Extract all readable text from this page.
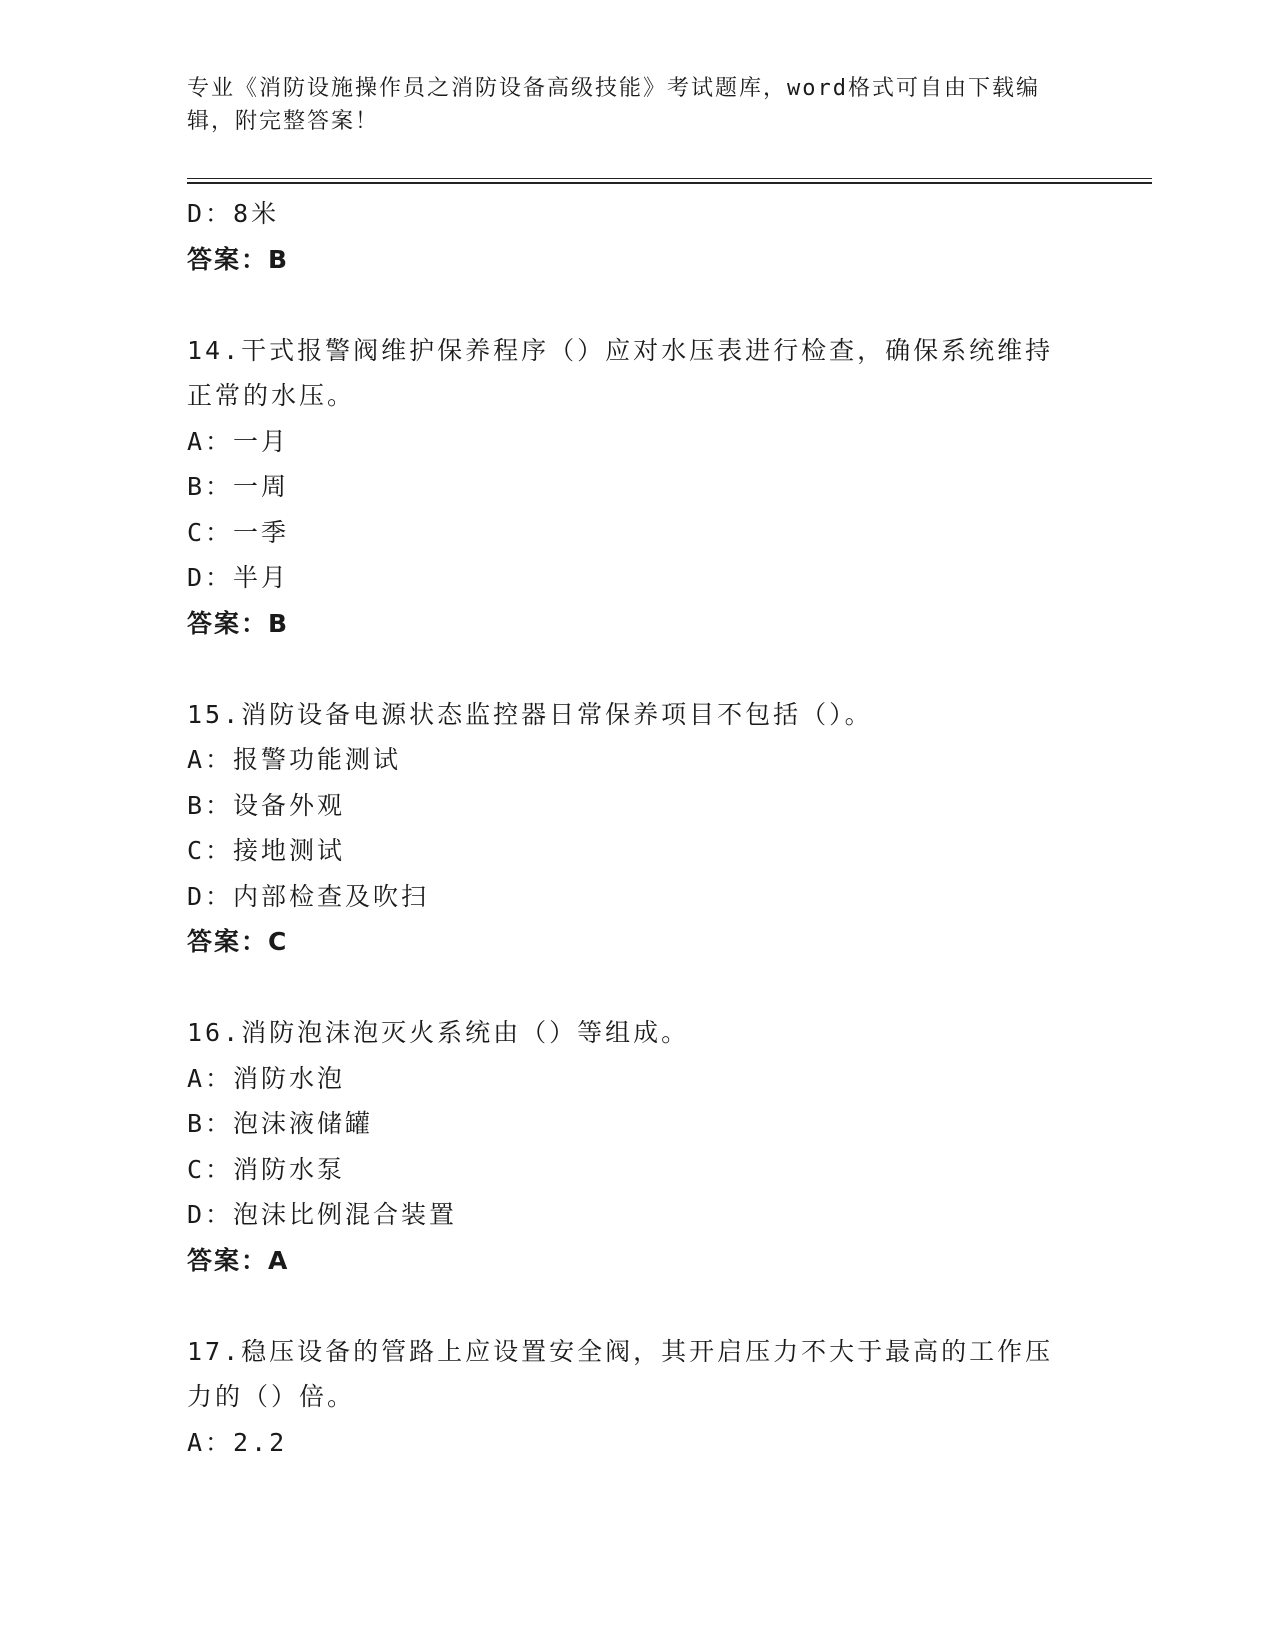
专业《消防设施操作员之消防设备高级技能》考试题库，word格式可自由下载编
辑，附完整答案！
D：8米
答案：B
14.干式报警阀维护保养程序（）应对水压表进行检查，确保系统维持
正常的水压。
A：一月
B：一周
C：一季
D：半月
答案：B
15.消防设备电源状态监控器日常保养项目不包括（）。
A：报警功能测试
B：设备外观
C：接地测试
D：内部检查及吹扫
答案：C
16.消防泡沫泡灭火系统由（）等组成。
A：消防水泡
B：泡沫液储罐
C：消防水泵
D：泡沫比例混合装置
答案：A
17.稳压设备的管路上应设置安全阀，其开启压力不大于最高的工作压
力的（）倍。
A：2.2
